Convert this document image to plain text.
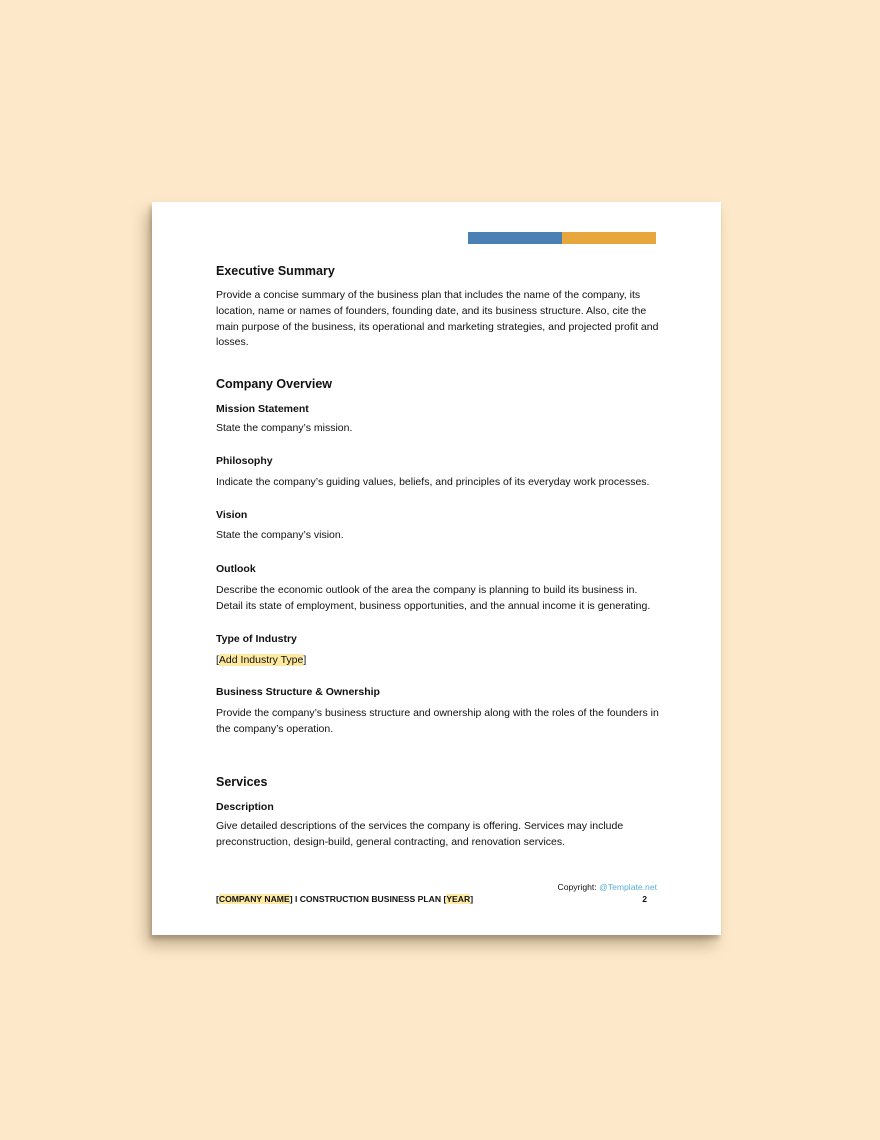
Executive Summary
Provide a concise summary of the business plan that includes the name of the company, its location, name or names of founders, founding date, and its business structure. Also, cite the main purpose of the business, its operational and marketing strategies, and projected profit and losses.
Company Overview
Mission Statement
State the company’s mission.
Philosophy
Indicate the company’s guiding values, beliefs, and principles of its everyday work processes.
Vision
State the company’s vision.
Outlook
Describe the economic outlook of the area the company is planning to build its business in. Detail its state of employment, business opportunities, and the annual income it is generating.
Type of Industry
[Add Industry Type]
Business Structure & Ownership
Provide the company’s business structure and ownership along with the roles of the founders in the company’s operation.
Services
Description
Give detailed descriptions of the services the company is offering. Services may include preconstruction, design-build, general contracting, and renovation services.
[COMPANY NAME] I CONSTRUCTION BUSINESS PLAN [YEAR]
Copyright: @Template.net
2
